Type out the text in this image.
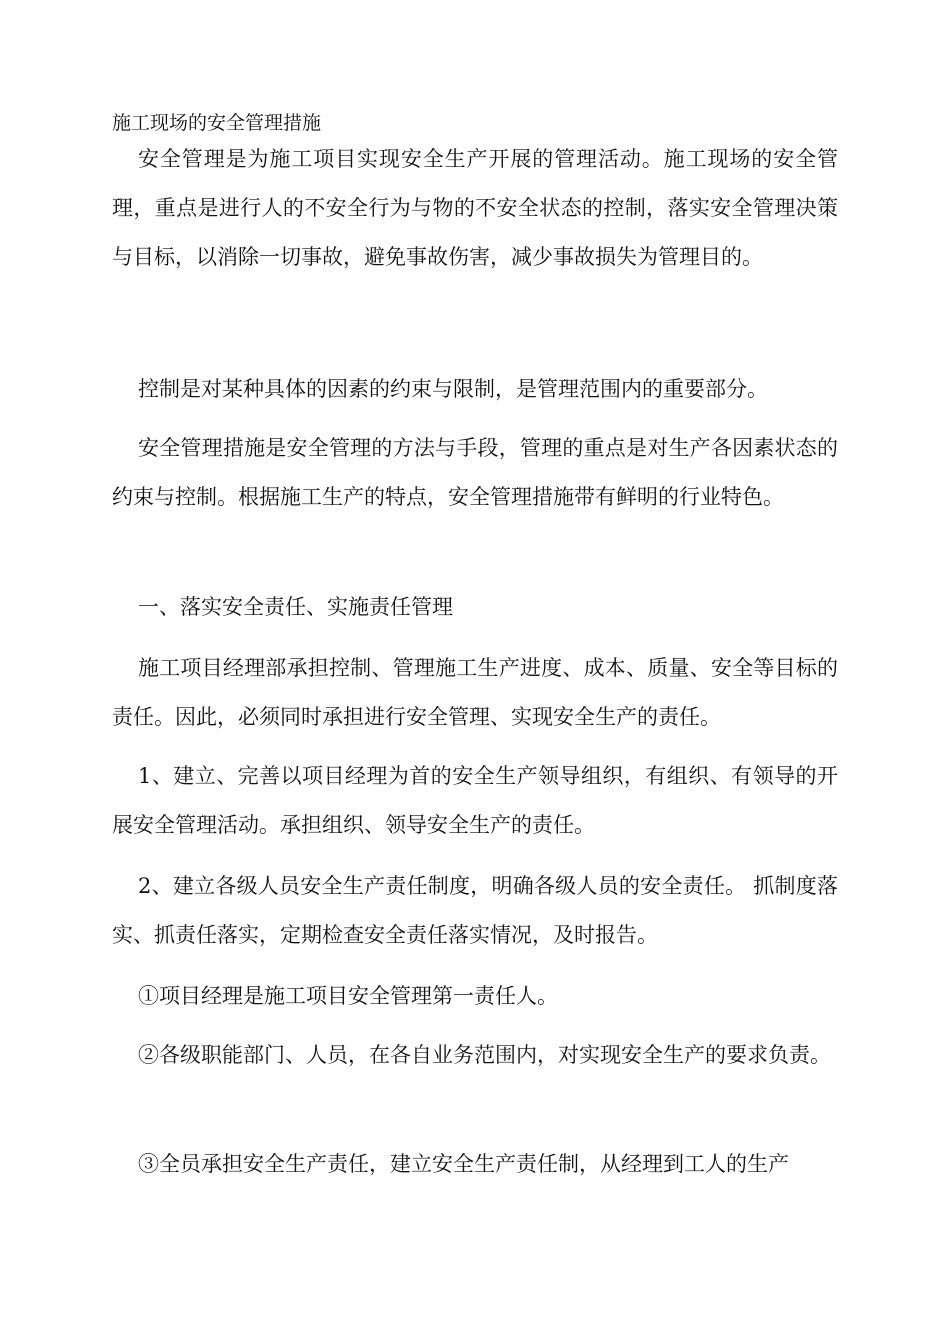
施工现场的安全管理措施

安全管理是为施工项目实现安全生产开展的管理活动。施工现场的安全管理，重点是进行人的不安全行为与物的不安全状态的控制，落实安全管理决策与目标，以消除一切事故，避免事故伤害，减少事故损失为管理目的。

控制是对某种具体的因素的约束与限制，是管理范围内的重要部分。

安全管理措施是安全管理的方法与手段，管理的重点是对生产各因素状态的约束与控制。根据施工生产的特点，安全管理措施带有鲜明的行业特色。

一、落实安全责任、实施责任管理

施工项目经理部承担控制、管理施工生产进度、成本、质量、安全等目标的责任。因此，必须同时承担进行安全管理、实现安全生产的责任。

1、建立、完善以项目经理为首的安全生产领导组织，有组织、有领导的开展安全管理活动。承担组织、领导安全生产的责任。

2、建立各级人员安全生产责任制度，明确各级人员的安全责任。 抓制度落实、抓责任落实，定期检查安全责任落实情况，及时报告。

①项目经理是施工项目安全管理第一责任人。

②各级职能部门、人员，在各自业务范围内，对实现安全生产的要求负责。

③全员承担安全生产责任，建立安全生产责任制，从经理到工人的生产
